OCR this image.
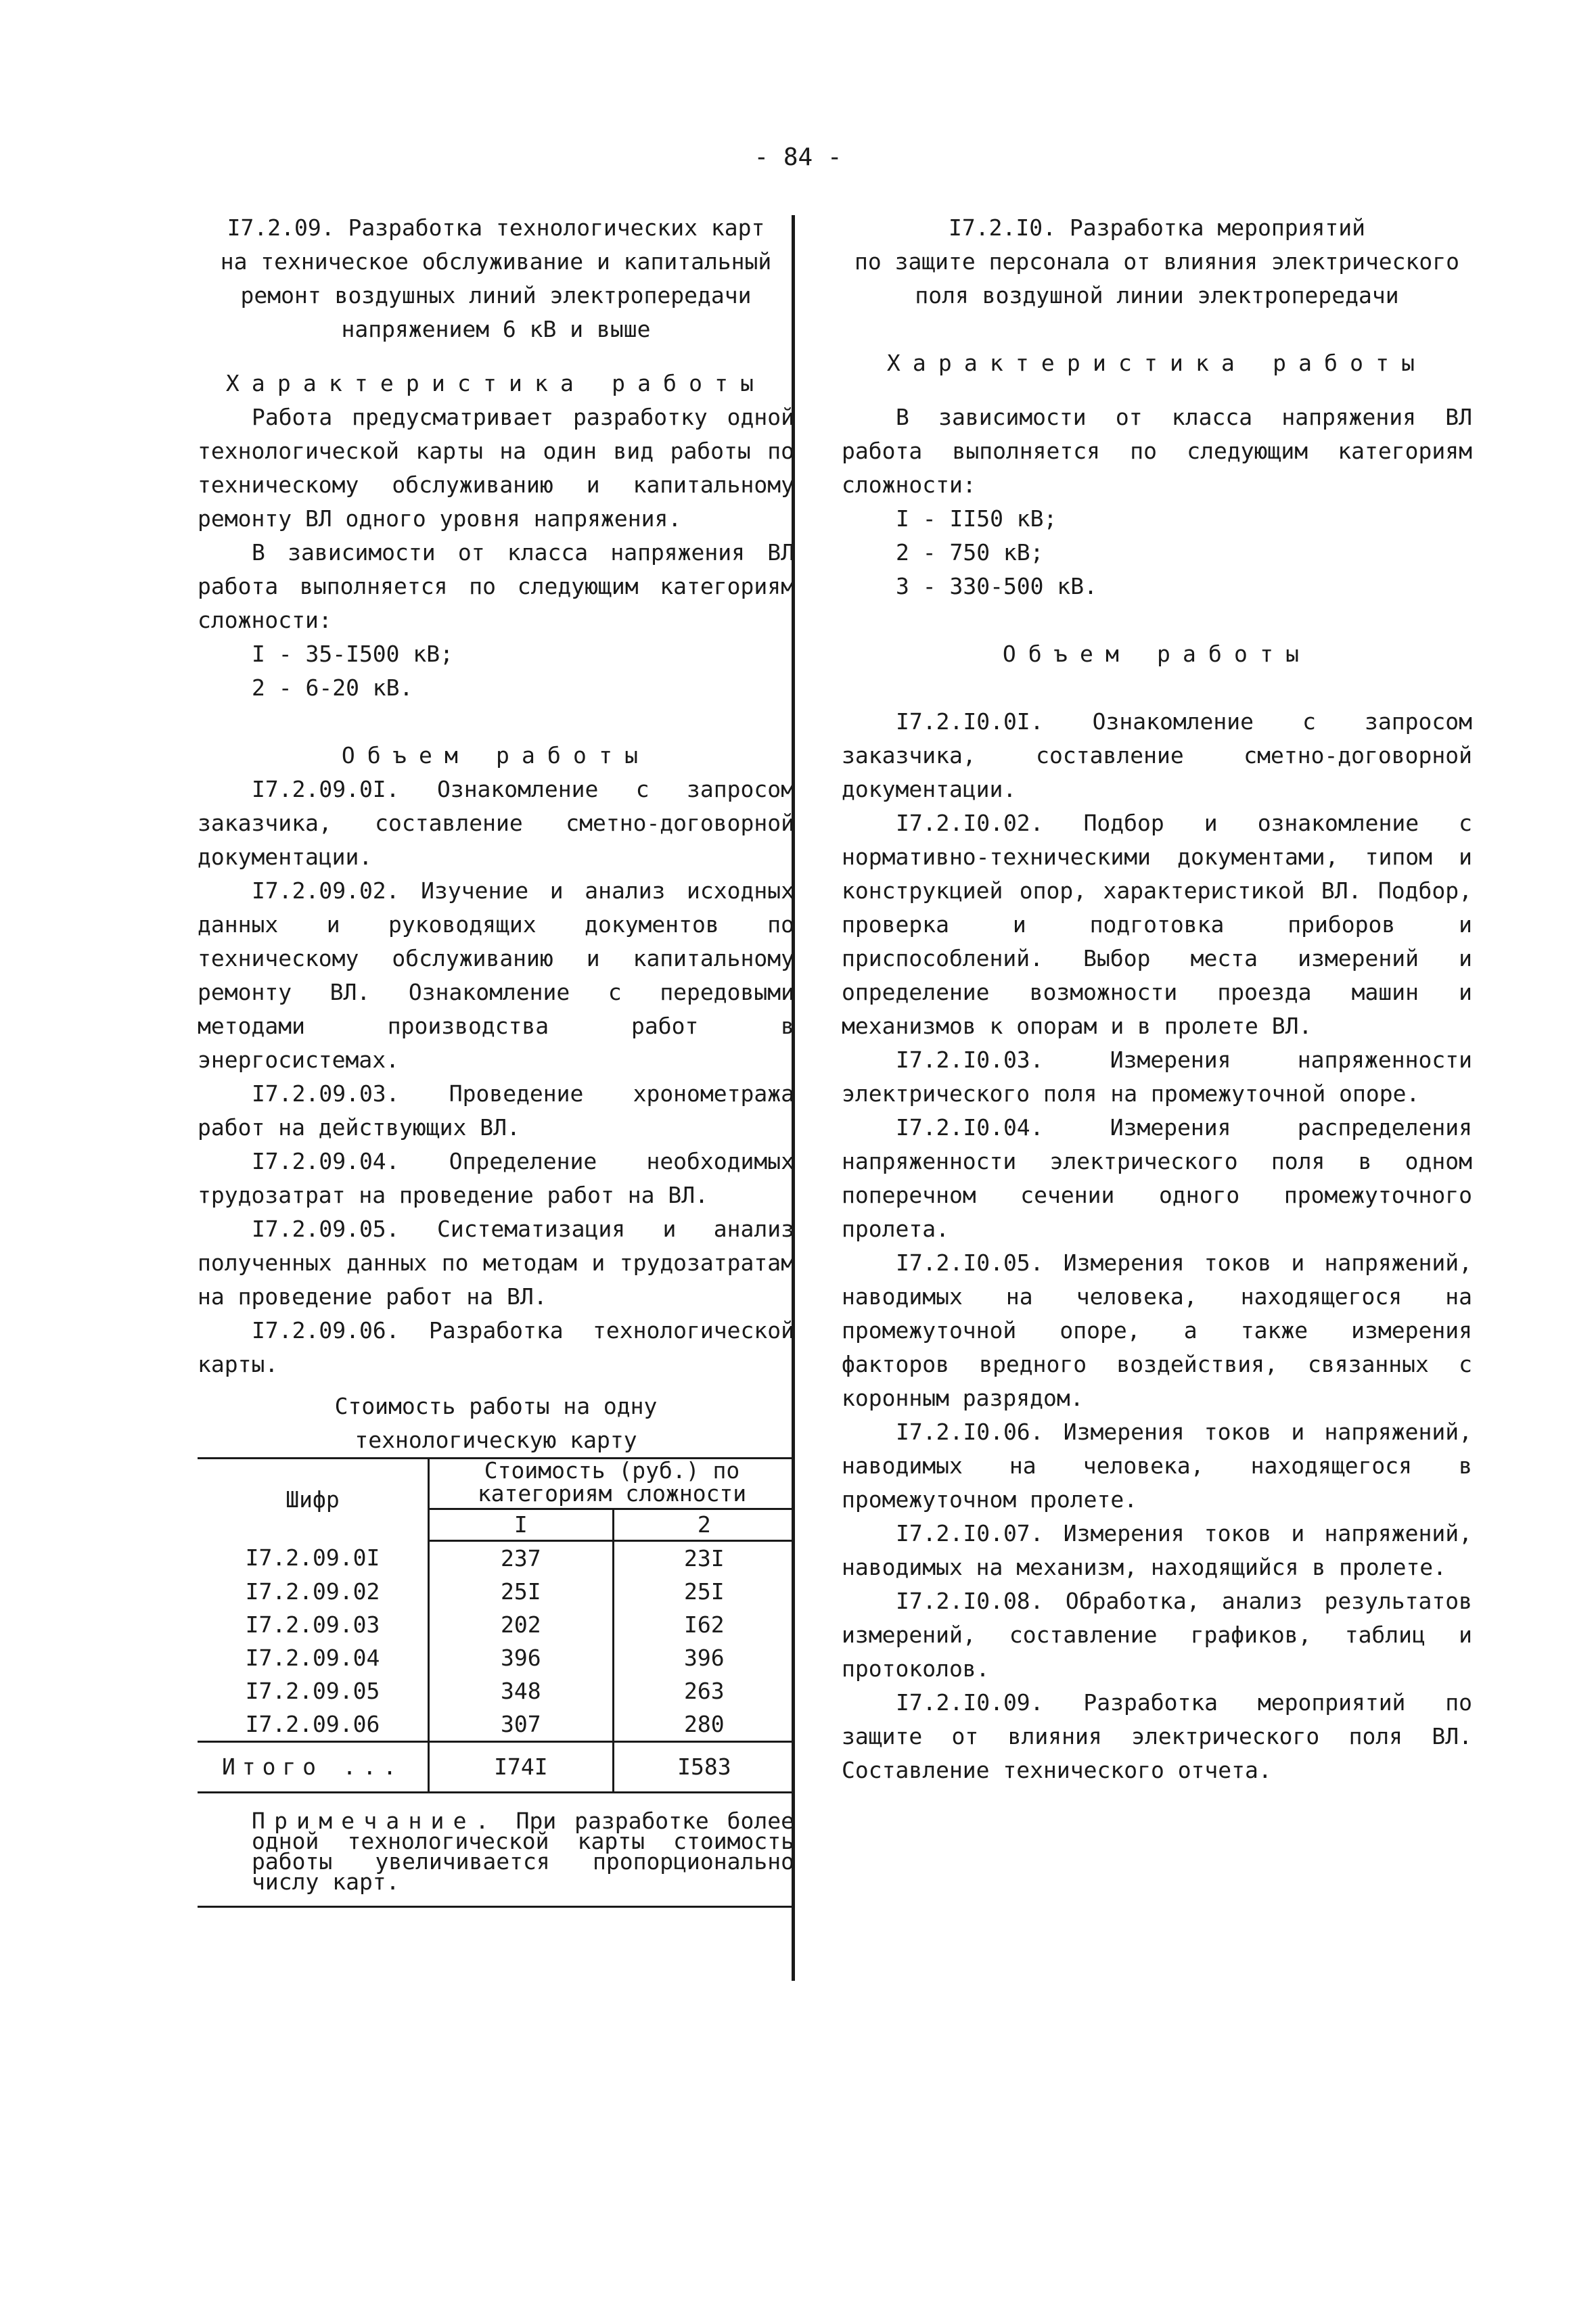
- 84 -

I7.2.09. Разработка технологических карт

на техническое обслуживание и капитальный

ремонт воздушных линий электропередачи

напряжением 6 кВ и выше

Характеристика работы

Работа предусматривает разработку одной технологической карты на один вид работы по техническому обслуживанию и капитальному ремонту ВЛ одного уровня напряжения.

В зависимости от класса напряжения ВЛ работа выполняется по следующим категориям сложности:

I - 35-I500 кВ;

2 - 6-20 кВ.

Объем работы

I7.2.09.0I. Ознакомление с запросом заказчика, составление сметно-договорной документации.

I7.2.09.02. Изучение и анализ исходных данных и руководящих документов по техническому обслуживанию и капитальному ремонту ВЛ. Ознакомление с передовыми методами производства работ в энергосистемах.

I7.2.09.03. Проведение хронометража работ на действующих ВЛ.

I7.2.09.04. Определение необходимых трудозатрат на проведение работ на ВЛ.

I7.2.09.05. Систематизация и анализ полученных данных по методам и трудозатратам на проведение работ на ВЛ.

I7.2.09.06. Разработка технологической карты.

Стоимость работы на одну

технологическую карту

Шифр	Стоимость (руб.) по категориям сложности	
	I	2
I7.2.09.0I	237	23I
I7.2.09.02	25I	25I
I7.2.09.03	202	I62
I7.2.09.04	396	396
I7.2.09.05	348	263
I7.2.09.06	307	280
Итого ...	I74I	I583

Примечание. При разработке более одной технологической карты стоимость работы увеличивается пропорционально числу карт.

I7.2.I0. Разработка мероприятий

по защите персонала от влияния электрического

поля воздушной линии электропередачи

Характеристика работы

В зависимости от класса напряжения ВЛ работа выполняется по следующим категориям сложности:

I - II50 кВ;

2 - 750 кВ;

3 - 330-500 кВ.

Объем работы

I7.2.I0.0I. Ознакомление с запросом заказчика, составление сметно-договорной документации.

I7.2.I0.02. Подбор и ознакомление с нормативно-техническими документами, типом и конструкцией опор, характеристикой ВЛ. Подбор, проверка и подготовка приборов и приспособлений. Выбор места измерений и определение возможности проезда машин и механизмов к опорам и в пролете ВЛ.

I7.2.I0.03. Измерения напряженности электрического поля на промежуточной опоре.

I7.2.I0.04. Измерения распределения напряженности электрического поля в одном поперечном сечении одного промежуточного пролета.

I7.2.I0.05. Измерения токов и напряжений, наводимых на человека, находящегося на промежуточной опоре, а также измерения факторов вредного воздействия, связанных с коронным разрядом.

I7.2.I0.06. Измерения токов и напряжений, наводимых на человека, находящегося в промежуточном пролете.

I7.2.I0.07. Измерения токов и напряжений, наводимых на механизм, находящийся в пролете.

I7.2.I0.08. Обработка, анализ результатов измерений, составление графиков, таблиц и протоколов.

I7.2.I0.09. Разработка мероприятий по защите от влияния электрического поля ВЛ. Составление технического отчета.
